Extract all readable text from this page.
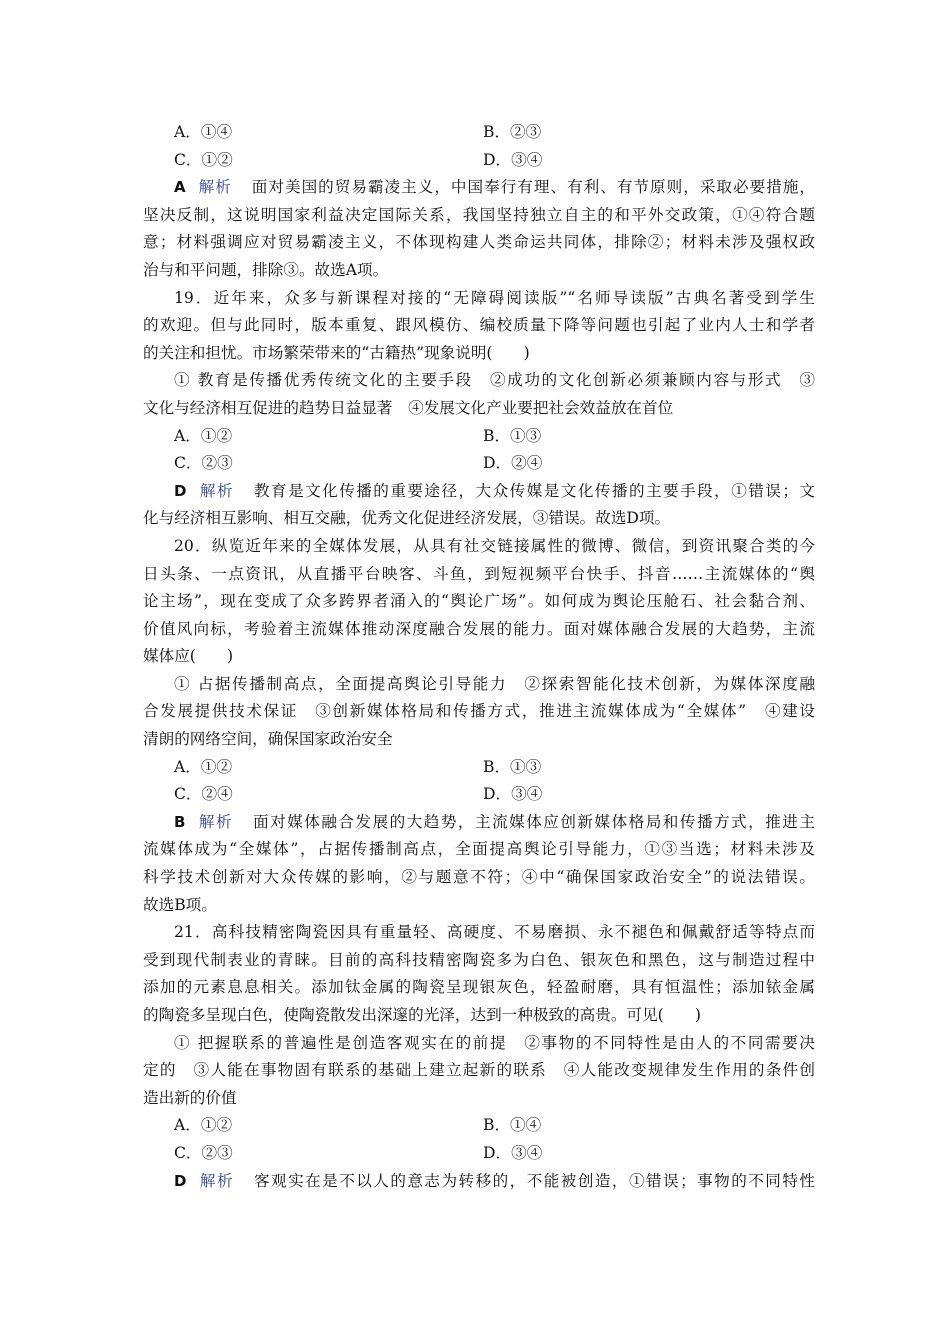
A．①④	B．②③
C．①②	D．③④
A 解析 面对美国的贸易霸凌主义，中国奉行有理、有利、有节原则，采取必要措施，
坚决反制，这说明国家利益决定国际关系，我国坚持独立自主的和平外交政策，①④符合题
意；材料强调应对贸易霸凌主义，不体现构建人类命运共同体，排除②；材料未涉及强权政
治与和平问题，排除③。故选A项。
19．近年来，众多与新课程对接的“无障碍阅读版”“名师导读版”古典名著受到学生
的欢迎。但与此同时，版本重复、跟风模仿、编校质量下降等问题也引起了业内人士和学者
的关注和担忧。市场繁荣带来的“古籍热”现象说明(　　)
① 教育是传播优秀传统文化的主要手段　②成功的文化创新必须兼顾内容与形式　③
文化与经济相互促进的趋势日益显著　④发展文化产业要把社会效益放在首位
A．①②	B．①③
C．②③	D．②④
D 解析 教育是文化传播的重要途径，大众传媒是文化传播的主要手段，①错误；文
化与经济相互影响、相互交融，优秀文化促进经济发展，③错误。故选D项。
20．纵览近年来的全媒体发展，从具有社交链接属性的微博、微信，到资讯聚合类的今
日头条、一点资讯，从直播平台映客、斗鱼，到短视频平台快手、抖音……主流媒体的“舆
论主场”，现在变成了众多跨界者涌入的“舆论广场”。如何成为舆论压舱石、社会黏合剂、
价值风向标，考验着主流媒体推动深度融合发展的能力。面对媒体融合发展的大趋势，主流
媒体应(　　)
① 占据传播制高点，全面提高舆论引导能力　②探索智能化技术创新，为媒体深度融
合发展提供技术保证　③创新媒体格局和传播方式，推进主流媒体成为“全媒体”　④建设
清朗的网络空间，确保国家政治安全
A．①②	B．①③
C．②④	D．③④
B 解析 面对媒体融合发展的大趋势，主流媒体应创新媒体格局和传播方式，推进主
流媒体成为“全媒体”，占据传播制高点，全面提高舆论引导能力，①③当选；材料未涉及
科学技术创新对大众传媒的影响，②与题意不符；④中“确保国家政治安全”的说法错误。
故选B项。
21．高科技精密陶瓷因具有重量轻、高硬度、不易磨损、永不褪色和佩戴舒适等特点而
受到现代制表业的青睐。目前的高科技精密陶瓷多为白色、银灰色和黑色，这与制造过程中
添加的元素息息相关。添加钛金属的陶瓷呈现银灰色，轻盈耐磨，具有恒温性；添加铱金属
的陶瓷多呈现白色，使陶瓷散发出深邃的光泽，达到一种极致的高贵。可见(　　)
① 把握联系的普遍性是创造客观实在的前提　②事物的不同特性是由人的不同需要决
定的　③人能在事物固有联系的基础上建立起新的联系　④人能改变规律发生作用的条件创
造出新的价值
A．①②	B．①④
C．②③	D．③④
D 解析 客观实在是不以人的意志为转移的，不能被创造，①错误；事物的不同特性
